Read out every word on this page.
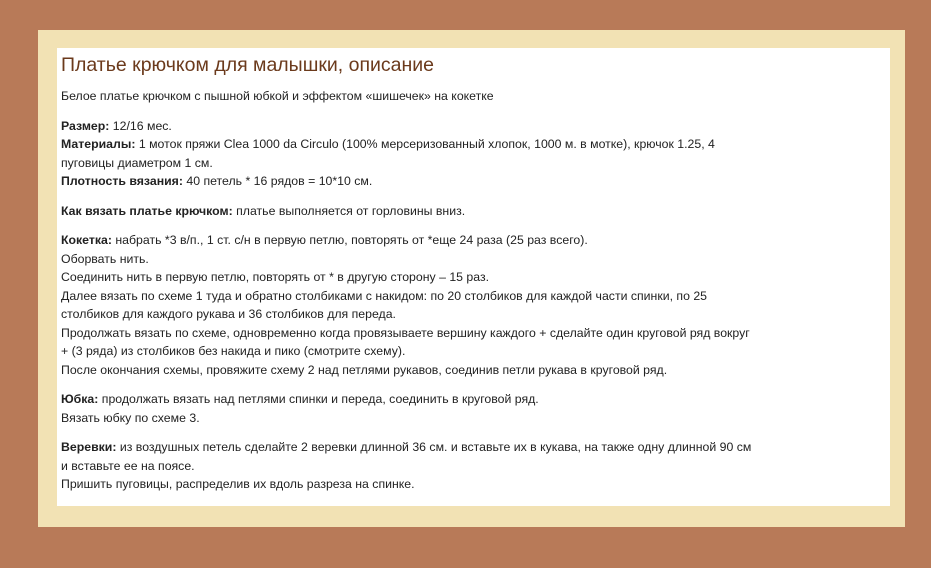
Платье крючком для малышки, описание
Белое платье крючком с пышной юбкой и эффектом «шишечек» на кокетке
Размер: 12/16 мес.
Материалы: 1 моток пряжи Clea 1000 da Circulo (100% мерсеризованный хлопок, 1000 м. в мотке), крючок 1.25, 4
пуговицы диаметром 1 см.
Плотность вязания: 40 петель * 16 рядов = 10*10 см.
Как вязать платье крючком: платье выполняется от горловины вниз.
Кокетка: набрать *3 в/п., 1 ст. с/н в первую петлю, повторять от *еще 24 раза (25 раз всего).
Оборвать нить.
Соединить нить в первую петлю, повторять от * в другую сторону – 15 раз.
Далее вязать по схеме 1 туда и обратно столбиками с накидом: по 20 столбиков для каждой части спинки, по 25
столбиков для каждого рукава и 36 столбиков для переда.
Продолжать вязать по схеме, одновременно когда провязываете вершину каждого + сделайте один круговой ряд вокруг
+ (3 ряда) из столбиков без накида и пико (смотрите схему).
После окончания схемы, провяжите схему 2 над петлями рукавов, соединив петли рукава в круговой ряд.
Юбка: продолжать вязать над петлями спинки и переда, соединить в круговой ряд.
Вязать юбку по схеме 3.
Веревки: из воздушных петель сделайте 2 веревки длинной 36 см. и вставьте их в кукава, на также одну длинной 90 см
и вставьте ее на поясе.
Пришить пуговицы, распределив их вдоль разреза на спинке.
